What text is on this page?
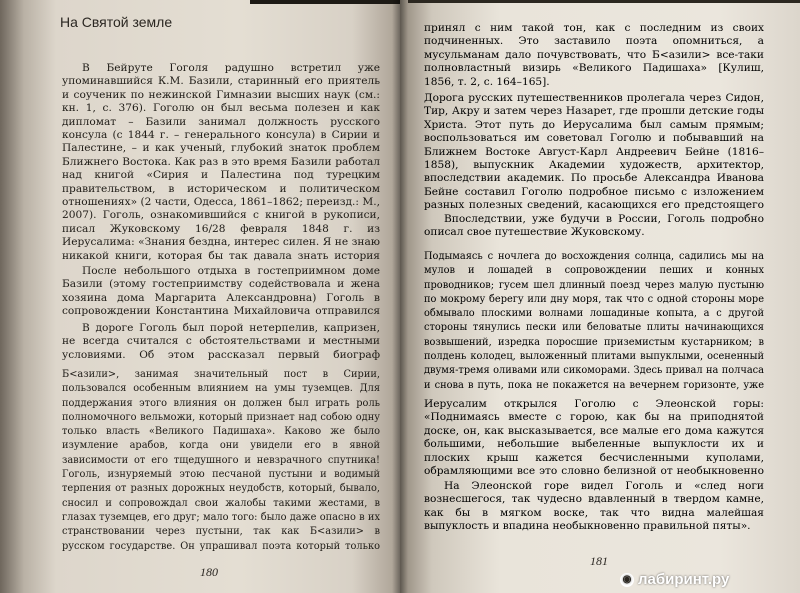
На Святой земле

В Бейруте Гоголя радушно встретил уже упоминавшийся К.М. Базили, старинный его приятель и соученик по нежинской Гимназии высших наук (см.: кн. 1, с. 376). Гоголю он был весьма полезен и как дипломат – Базили занимал должность русского консула (с 1844 г. – генерального консула) в Сирии и Палестине, – и как ученый, глубокий знаток проблем Ближнего Востока. Как раз в это время Базили работал над книгой «Сирия и Палестина под турецким правительством, в историческом и политическом отношениях» (2 части, Одесса, 1861–1862; переизд.: М., 2007). Гоголь, ознакомившийся с книгой в рукописи, писал Жуковскому 16/28 февраля 1848 г. из Иерусалима: «Знания бездна, интерес силен. Я не знаю никакой книги, которая бы так давала знать история

После небольшого отдыха в гостеприимном доме Базили (этому гостеприимству содействовала и жена хозяина дома Маргарита Александровна) Гоголь в сопровождении Константина Михайловича отправился

В дороге Гоголь был порой нетерпелив, капризен, не всегда считался с обстоятельствами и местными условиями. Об этом рассказал первый биограф

Б<азили>, занимая значительный пост в Сирии, пользовался особенным влиянием на умы туземцев. Для поддержания этого влияния он должен был играть роль полномочного вельможи, который признает над собою одну только власть «Великого Падишаха». Каково же было изумление арабов, когда они увидели его в явной зависимости от его тщедушного и невзрачного спутника! Гоголь, изнуряемый этою песчаной пустыни и водимый терпения от разных дорожных неудобств, который, бывало, сносил и сопровождал свои жалобы такими жестами, в глазах туземцев, его друг; мало того: было даже опасно в их странствовании через пустыни, так как Б<азили> в русском государстве. Он упрашивал поэта который только

180

принял с ним такой тон, как с последним из своих подчиненных. Это заставило поэта опомниться, а мусульманам дало почувствовать, что Б<азили> все-таки полновластный визирь «Великого Падишаха» [Кулиш, 1856, т. 2, с. 164–165].

Дорога русских путешественников пролегала через Сидон, Тир, Акру и затем через Назарет, где прошли детские годы Христа. Этот путь до Иерусалима был самым прямым; воспользоваться им советовал Гоголю и побывавший на Ближнем Востоке Август-Карл Андреевич Бейне (1816–1858), выпускник Академии художеств, архитектор, впоследствии академик. По просьбе Александра Иванова Бейне составил Гоголю подробное письмо с изложением разных полезных сведений, касающихся его предстоящего

Впоследствии, уже будучи в России, Гоголь подробно описал свое путешествие Жуковскому.

Подымаясь с ночлега до восхождения солнца, садились мы на мулов и лошадей в сопровождении пеших и конных проводников; гусем шел длинный поезд через малую пустыню по мокрому берегу или дну моря, так что с одной стороны море обмывало плоскими волнами лошадиные копыта, а с другой стороны тянулись пески или беловатые плиты начинающихся возвышений, изредка поросшие приземистым кустарником; в полдень колодец, выложенный плитами выпуклыми, осененный двумя-тремя оливами или сикоморами. Здесь привал на полчаса и снова в путь, пока не покажется на вечернем горизонте, уже

Иерусалим открылся Гоголю с Элеонской горы: «Поднимаясь вместе с горою, как бы на приподнятой доске, он, как высказывается, все малые его дома кажутся большими, небольшие выбеленные выпуклости их и плоских крыш кажется бесчисленными куполами, обрамляющими все это словно белизной от необыкновенно

На Элеонской горе видел Гоголь и «след ноги вознесшегося, так чудесно вдавленный в твердом камне, как бы в мягком воске, так что видна малейшая выпуклость и впадина необыкновенно правильной пяты».

181
◉ лабиринт.ру
